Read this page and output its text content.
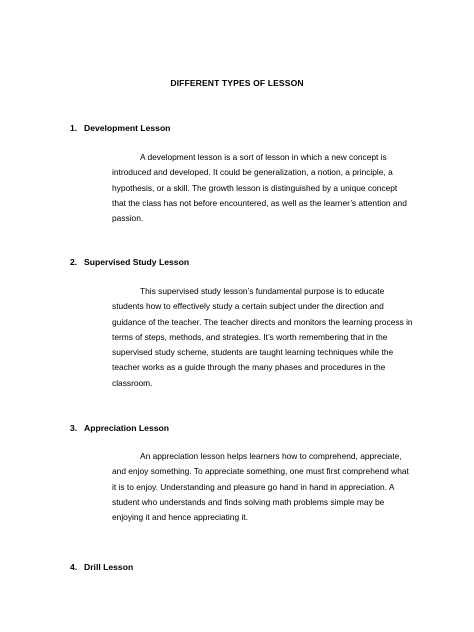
DIFFERENT TYPES OF LESSON
1. Development Lesson
A development lesson is a sort of lesson in which a new concept is
introduced and developed. It could be generalization, a notion, a principle, a
hypothesis, or a skill. The growth lesson is distinguished by a unique concept
that the class has not before encountered, as well as the learner’s attention and
passion.
2. Supervised Study Lesson
This supervised study lesson’s fundamental purpose is to educate
students how to effectively study a certain subject under the direction and
guidance of the teacher. The teacher directs and monitors the learning process in
terms of steps, methods, and strategies. It’s worth remembering that in the
supervised study scheme, students are taught learning techniques while the
teacher works as a guide through the many phases and procedures in the
classroom.
3. Appreciation Lesson
An appreciation lesson helps learners how to comprehend, appreciate,
and enjoy something. To appreciate something, one must first comprehend what
it is to enjoy. Understanding and pleasure go hand in hand in appreciation. A
student who understands and finds solving math problems simple may be
enjoying it and hence appreciating it.
4. Drill Lesson
